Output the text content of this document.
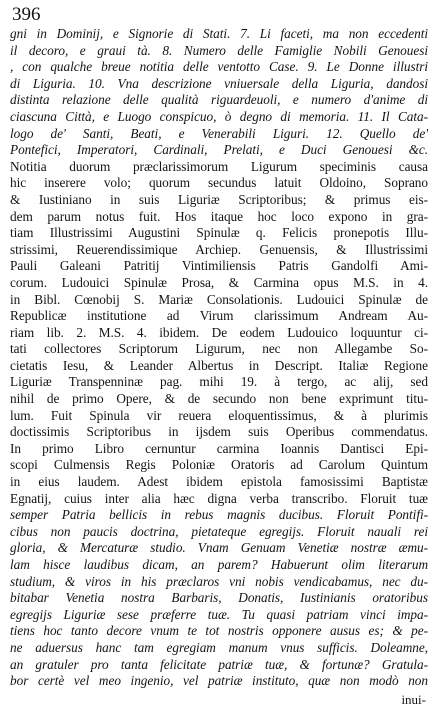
396
gni in Dominij, e Signorie di Stati. 7. Li faceti, ma non eccedenti
il decoro, e graui tà. 8. Numero delle Famiglie Nobili Genouesi
, con qualche breue notitia delle ventotto Case. 9. Le Donne illustri
di Liguria. 10. Vna descrizione vniuersale della Liguria, dandosi
distinta relazione delle qualità riguardeuoli, e numero d'anime di
ciascuna Città, e Luogo conspicuo, ò degno di memoria. 11. Il Cata-
logo de' Santi, Beati, e Venerabili Liguri. 12. Quello de'
Pontefici, Imperatori, Cardinali, Prelati, e Duci Genouesi &c.
Notitia duorum præclarissimorum Ligurum speciminis causa
hic inserere volo; quorum secundus latuit Oldoino, Soprano
& Iustiniano in suis Liguriæ Scriptoribus; & primus eis-
dem parum notus fuit. Hos itaque hoc loco expono in gra-
tiam Illustrissimi Augustini Spinulæ q. Felicis pronepotis Illu-
strissimi, Reuerendissimique Archiep. Genuensis, & Illustrissimi
Pauli Galeani Patritij Vintimiliensis Patris Gandolfi Ami-
corum. Ludouici Spinulæ Prosa, & Carmina opus M.S. in 4.
in Bibl. Cœnobij S. Mariæ Consolationis. Ludouici Spinulæ de
Republicæ institutione ad Virum clarissimum Andream Au-
riam lib. 2. M.S. 4. ibidem. De eodem Ludouico loquuntur ci-
tati collectores Scriptorum Ligurum, nec non Allegambe So-
cietatis Iesu, & Leander Albertus in Descript. Italiæ Regione
Liguriæ Transpenninæ pag. mihi 19. à tergo, ac alij, sed
nihil de primo Opere, & de secundo non bene exprimunt titu-
lum. Fuit Spinula vir reuera eloquentissimus, & à plurimis
doctissimis Scriptoribus in ijsdem suis Operibus commendatus.
In primo Libro cernuntur carmina Ioannis Dantisci Epi-
scopi Culmensis Regis Poloniæ Oratoris ad Carolum Quintum
in eius laudem. Adest ibidem epistola famosissimi Baptistæ
Egnatij, cuius inter alia hæc digna verba transcribo. Floruit tuæ
semper Patria bellicis in rebus magnis ducibus. Floruit Pontifi-
cibus non paucis doctrina, pietateque egregijs. Floruit nauali rei
gloria, & Mercaturæ studio. Vnam Genuam Venetiæ nostræ æmu-
lam hisce laudibus dicam, an parem? Habuerunt olim literarum
studium, & viros in his præclaros vni nobis vendicabamus, nec du-
bitabar Venetia nostra Barbaris, Donatis, Iustinianis oratoribus
egregijs Liguriæ sese præferre tuæ. Tu quasi patriam vinci impa-
tiens hoc tanto decore vnum te tot nostris opponere ausus es; & pe-
ne aduersus hanc tam egregiam manum vnus sufficis. Doleamne,
an gratuler pro tanta felicitate patriæ tuæ, & fortunæ? Gratula-
bor certè vel meo ingenio, vel patriæ instituto, quæ non modò non
inui-
